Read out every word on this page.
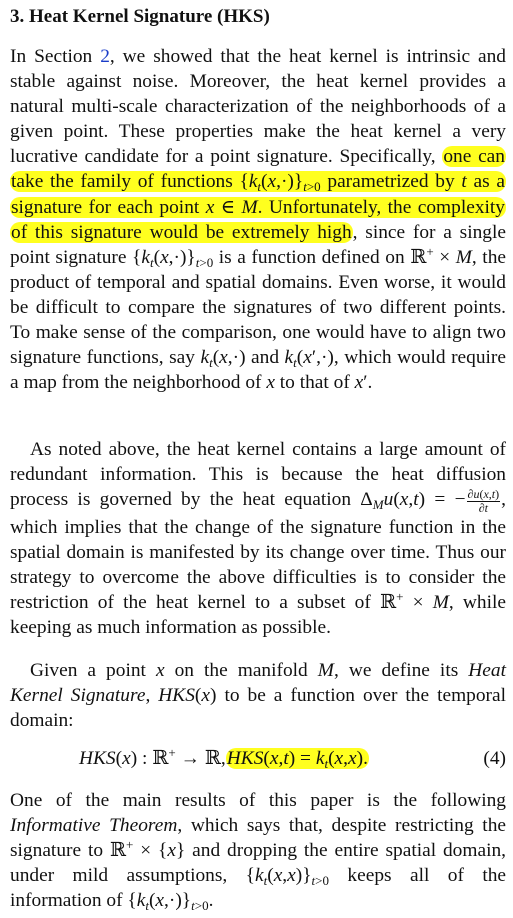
3. Heat Kernel Signature (HKS)
In Section 2, we showed that the heat kernel is intrinsic and stable against noise. Moreover, the heat kernel provides a natural multi-scale characterization of the neighborhoods of a given point. These properties make the heat kernel a very lucrative candidate for a point signature. Specifically, one can take the family of functions $\{k_t(x,\cdot)\}_{t>0}$ parametrized by t as a signature for each point x ∈ M. Unfortunately, the complexity of this signature would be extremely high, since for a single point signature $\{k_t(x,\cdot)\}_{t>0}$ is a function defined on ℝ+ × M, the product of temporal and spatial domains. Even worse, it would be difficult to compare the signatures of two different points. To make sense of the comparison, one would have to align two signature functions, say $k_t(x,\cdot)$ and $k_t(x',\cdot)$, which would require a map from the neighborhood of x to that of x′.
As noted above, the heat kernel contains a large amount of redundant information. This is because the heat diffusion process is governed by the heat equation $\Delta_Mu(x,t)$ = − $\frac{\partial u(x,t)}{\partial t}$ , which implies that the change of the signature function in the spatial domain is manifested by its change over time. Thus our strategy to overcome the above difficulties is to consider the restriction of the heat kernel to a subset of ℝ+ × M, while keeping as much information as possible.
Given a point x on the manifold M, we define its Heat Kernel Signature, HKS(x) to be a function over the temporal domain:
HKS(x) : ℝ+ → ℝ,HKS(x,t) = $k_t(x,x)$.	(4)
One of the main results of this paper is the following Informative Theorem, which says that, despite restricting the signature to ℝ+ × {x} and dropping the entire spatial domain, under mild assumptions, $\{k_t(x,x)\}_{t>0}$ keeps all of the information of $\{k_t(x,\cdot)\}_{t>0}$.
